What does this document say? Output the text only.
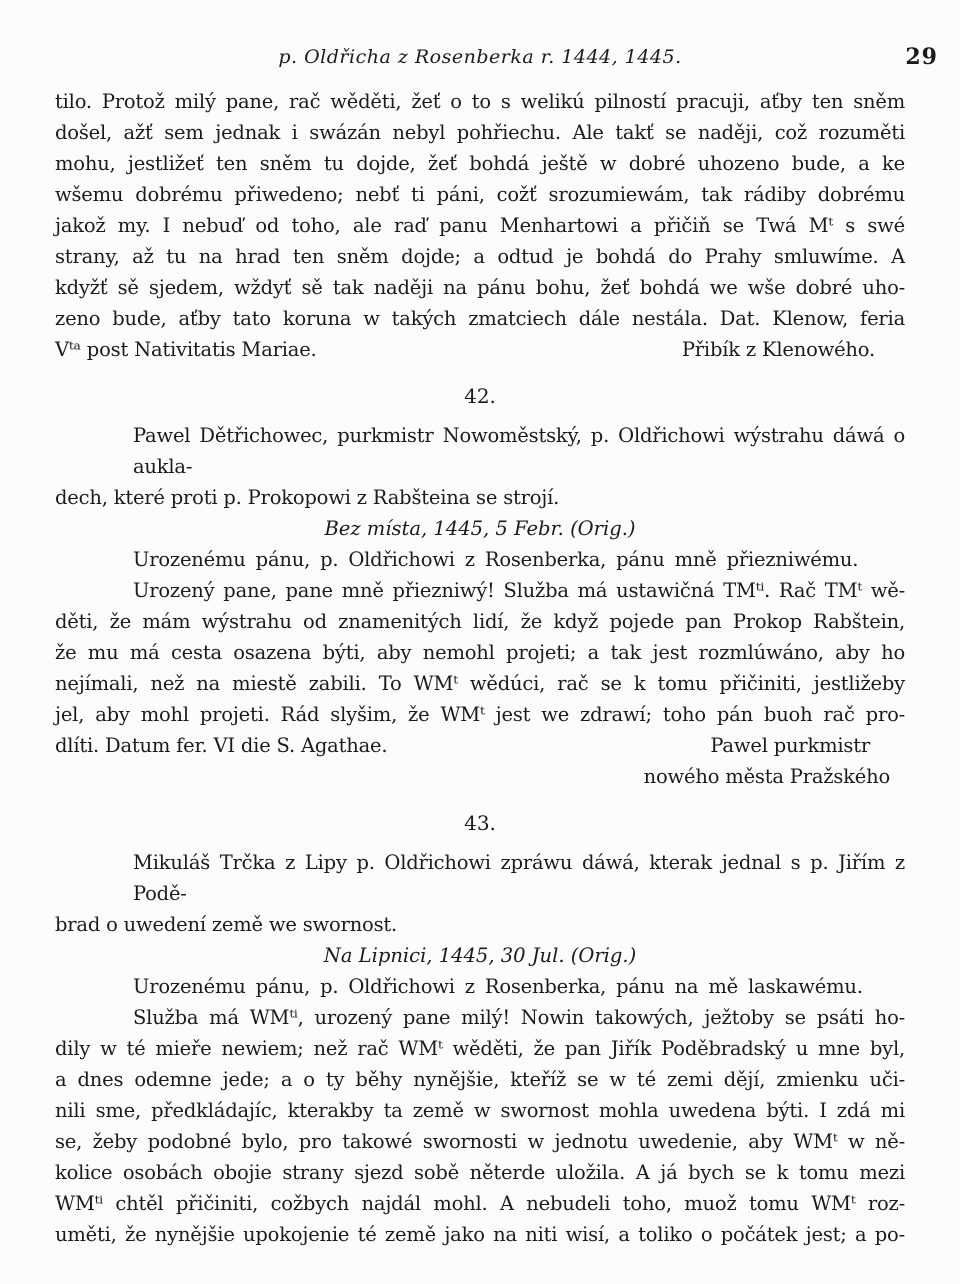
p. Oldřicha z Rosenberka r. 1444, 1445.	29
tilo. Protož milý pane, rač wěděti, žeť o to s welikú pilností pracuji, aťby ten sněm
došel, ažť sem jednak i swázán nebyl pohřiechu. Ale takť se naději, což rozuměti
mohu, jestližeť ten sněm tu dojde, žeť bohdá ještě w dobré uhozeno bude, a ke
wšemu dobrému přiwedeno; nebť ti páni, cožť srozumiewám, tak rádiby dobrému
jakož my. I nebuď od toho, ale raď panu Menhartowi a přičiň se Twá Mᵗ s swé
strany, až tu na hrad ten sněm dojde; a odtud je bohdá do Prahy smluwíme. A
kdyžť sě sjedem, wždyť sě tak naději na pánu bohu, žeť bohdá we wše dobré uho-
zeno bude, aťby tato koruna w takých zmatciech dále nestála. Dat. Klenow, feria
Vᵗᵃ post Nativitatis Mariae.	Přibík z Klenowého.
42.
Pawel Dětřichowec, purkmistr Nowoměstský, p. Oldřichowi wýstrahu dáwá o aukla-
dech, které proti p. Prokopowi z Rabšteina se strojí.
Bez místa, 1445, 5 Febr. (Orig.)
Urozenému pánu, p. Oldřichowi z Rosenberka, pánu mně přiezniwému.
Urozený pane, pane mně přiezniwý! Služba má ustawičná TMᵗⁱ. Rač TMᵗ wě-
děti, že mám wýstrahu od znamenitých lidí, že když pojede pan Prokop Rabštein,
že mu má cesta osazena býti, aby nemohl projeti; a tak jest rozmlúwáno, aby ho
nejímali, než na miestě zabili. To WMᵗ wědúci, rač se k tomu přičiniti, jestližeby
jel, aby mohl projeti. Rád slyšim, že WMᵗ jest we zdrawí; toho pán buoh rač pro-
dlíti. Datum fer. VI die S. Agathae.	Pawel purkmistr
nowého města Pražského
43.
Mikuláš Trčka z Lipy p. Oldřichowi zpráwu dáwá, kterak jednal s p. Jiřím z Podě-
brad o uwedení země we swornost.
Na Lipnici, 1445, 30 Jul. (Orig.)
Urozenému pánu, p. Oldřichowi z Rosenberka, pánu na mě laskawému.
Služba má WMᵗⁱ, urozený pane milý! Nowin takowých, ježtoby se psáti ho-
dily w té mieře newiem; než rač WMᵗ wěděti, že pan Jiřík Poděbradský u mne byl,
a dnes odemne jede; a o ty běhy nynějšie, kteříž se w té zemi dějí, zmienku uči-
nili sme, předkládajíc, kterakby ta země w swornost mohla uwedena býti. I zdá mi
se, žeby podobné bylo, pro takowé swornosti w jednotu uwedenie, aby WMᵗ w ně-
kolice osobách obojie strany sjezd sobě něterde uložila. A já bych se k tomu mezi
WMᵗⁱ chtěl přičiniti, cožbych najdál mohl. A nebudeli toho, muož tomu WMᵗ roz-
uměti, že nynějšie upokojenie té země jako na niti wisí, a toliko o počátek jest; a po-
